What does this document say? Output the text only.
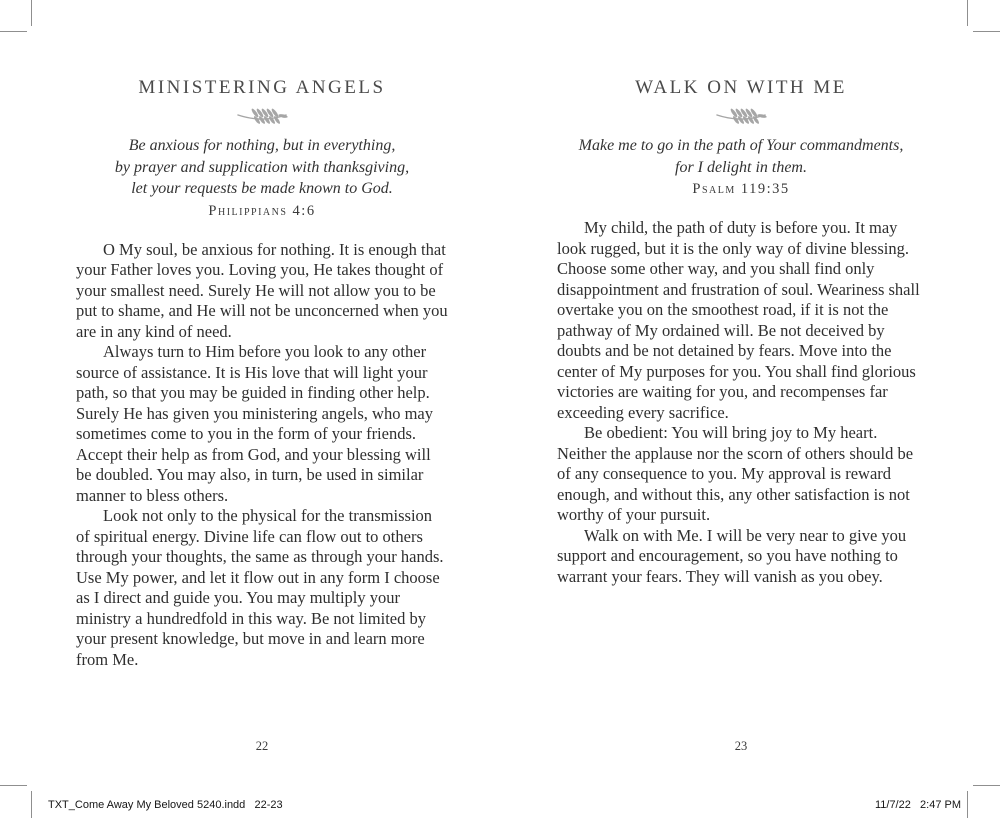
MINISTERING ANGELS
Be anxious for nothing, but in everything,
by prayer and supplication with thanksgiving,
let your requests be made known to God.
Philippians 4:6

O My soul, be anxious for nothing. It is enough that your Father loves you. Loving you, He takes thought of your smallest need. Surely He will not allow you to be put to shame, and He will not be unconcerned when you are in any kind of need.

Always turn to Him before you look to any other source of assistance. It is His love that will light your path, so that you may be guided in finding other help. Surely He has given you ministering angels, who may sometimes come to you in the form of your friends. Accept their help as from God, and your blessing will be doubled. You may also, in turn, be used in similar manner to bless others.

Look not only to the physical for the transmission of spiritual energy. Divine life can flow out to others through your thoughts, the same as through your hands. Use My power, and let it flow out in any form I choose as I direct and guide you. You may multiply your ministry a hundredfold in this way. Be not limited by your present knowledge, but move in and learn more from Me.

WALK ON WITH ME
Make me to go in the path of Your commandments,
for I delight in them.
Psalm 119:35

My child, the path of duty is before you. It may look rugged, but it is the only way of divine blessing. Choose some other way, and you shall find only disappointment and frustration of soul. Weariness shall overtake you on the smoothest road, if it is not the pathway of My ordained will. Be not deceived by doubts and be not detained by fears. Move into the center of My purposes for you. You shall find glorious victories are waiting for you, and recompenses far exceeding every sacrifice.

Be obedient: You will bring joy to My heart. Neither the applause nor the scorn of others should be of any consequence to you. My approval is reward enough, and without this, any other satisfaction is not worthy of your pursuit.

Walk on with Me. I will be very near to give you support and encouragement, so you have nothing to warrant your fears. They will vanish as you obey.

22	23
TXT_Come Away My Beloved 5240.indd   22-23	11/7/22   2:47 PM
